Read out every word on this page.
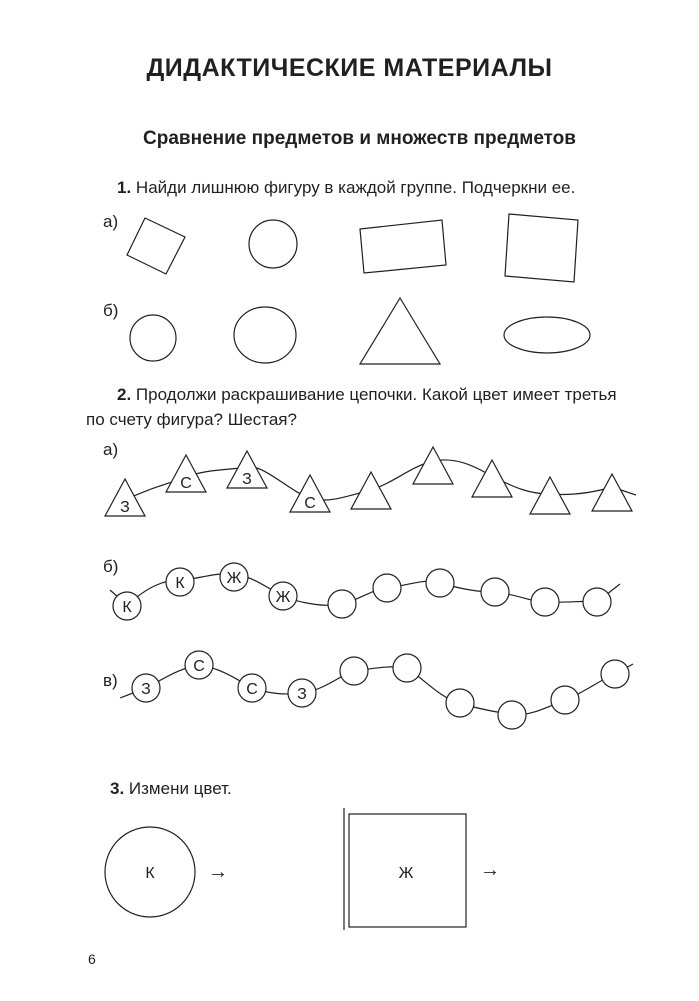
ДИДАКТИЧЕСКИЕ МАТЕРИАЛЫ
Сравнение предметов и множеств предметов
1. Найди лишнюю фигуру в каждой группе. Подчеркни ее.
а)
б)
2. Продолжи раскрашивание цепочки. Какой цвет имеет третья
по счету фигура? Шестая?
а)
б)
в)
3. Измени цвет.
6
З
С	З
С
К
К	Ж
Ж
З
С
С З
К	→	Ж	→
